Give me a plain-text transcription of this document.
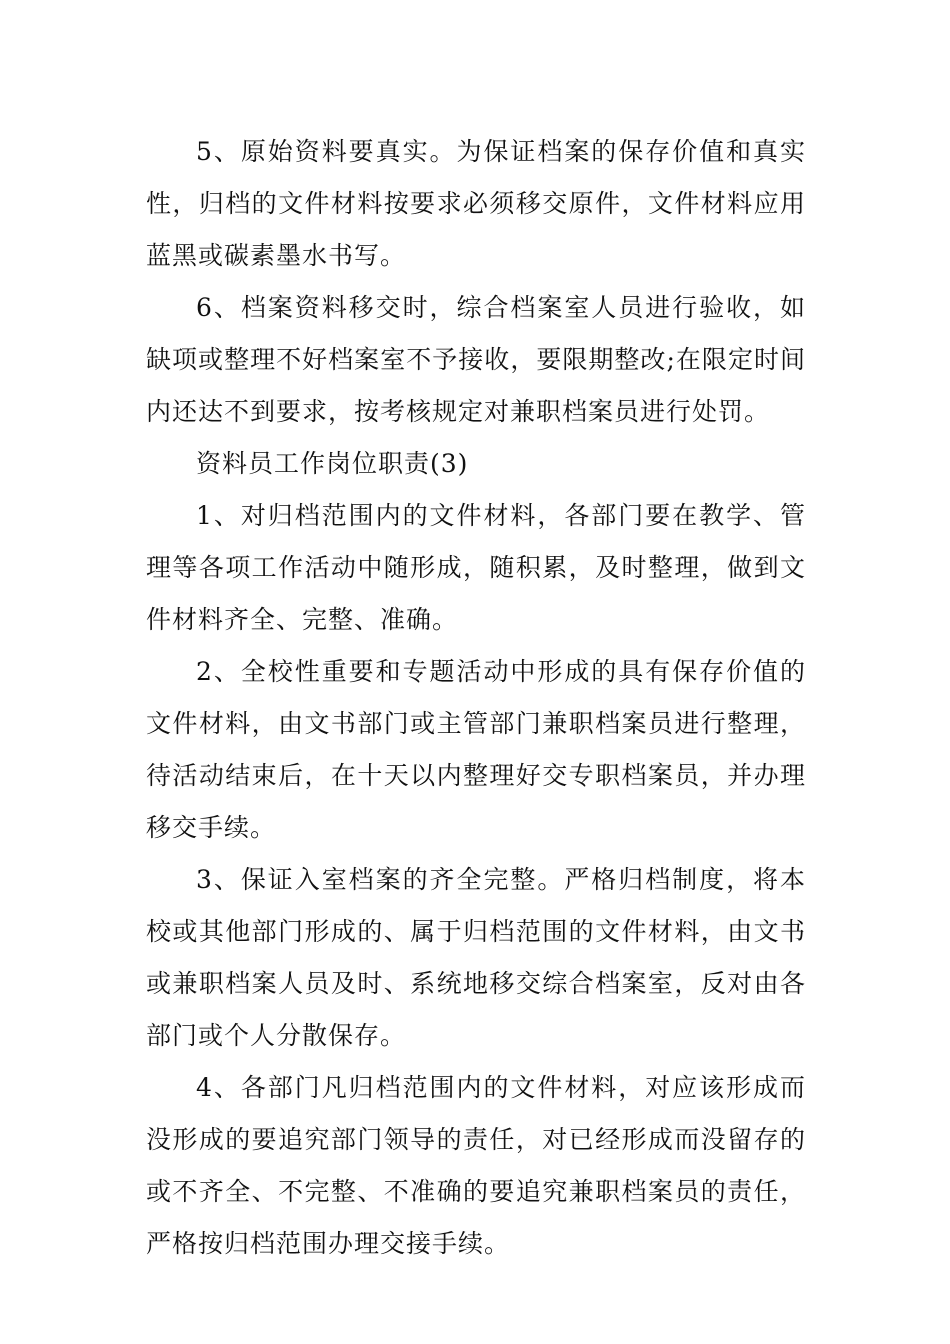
5、原始资料要真实。为保证档案的保存价值和真实性，归档的文件材料按要求必须移交原件，文件材料应用蓝黑或碳素墨水书写。

6、档案资料移交时，综合档案室人员进行验收，如缺项或整理不好档案室不予接收，要限期整改;在限定时间内还达不到要求，按考核规定对兼职档案员进行处罚。

资料员工作岗位职责(3)

1、对归档范围内的文件材料，各部门要在教学、管理等各项工作活动中随形成，随积累，及时整理，做到文件材料齐全、完整、准确。

2、全校性重要和专题活动中形成的具有保存价值的文件材料，由文书部门或主管部门兼职档案员进行整理，待活动结束后，在十天以内整理好交专职档案员，并办理移交手续。

3、保证入室档案的齐全完整。严格归档制度，将本校或其他部门形成的、属于归档范围的文件材料，由文书或兼职档案人员及时、系统地移交综合档案室，反对由各部门或个人分散保存。

4、各部门凡归档范围内的文件材料，对应该形成而没形成的要追究部门领导的责任，对已经形成而没留存的或不齐全、不完整、不准确的要追究兼职档案员的责任，严格按归档范围办理交接手续。
